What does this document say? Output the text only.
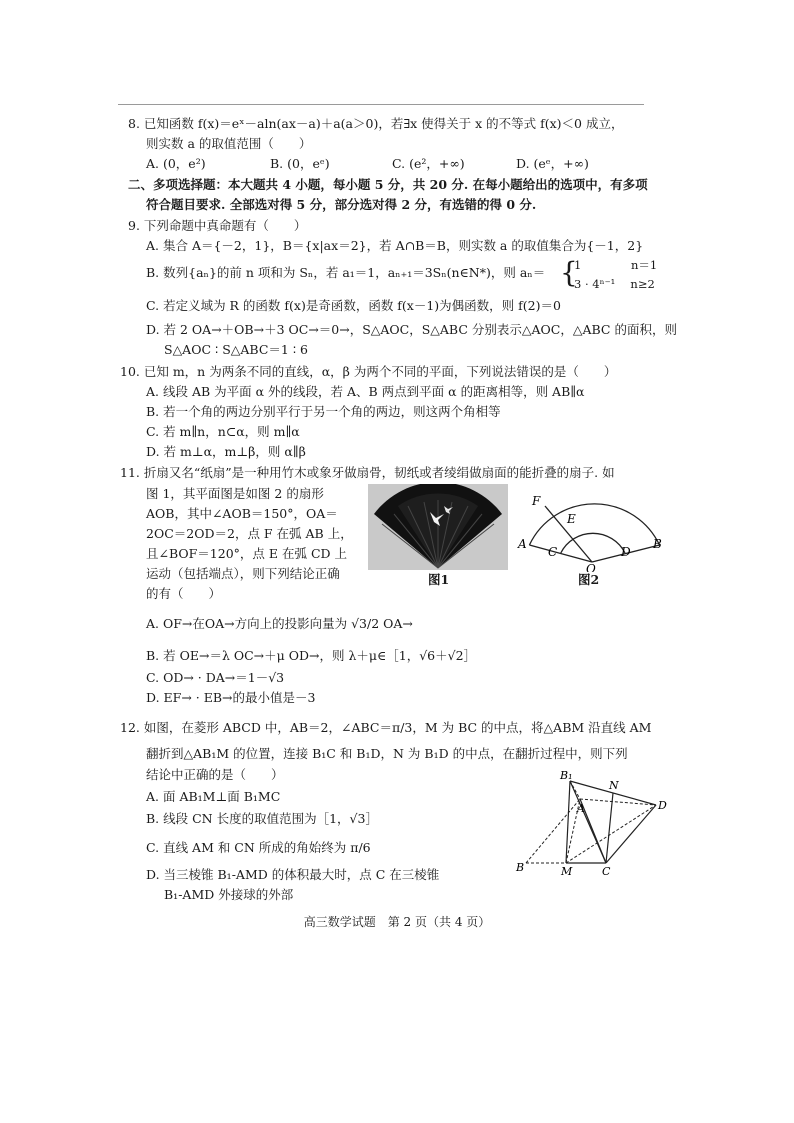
8. 已知函数 f(x)＝eˣ－aln(ax－a)＋a(a＞0)，若∃x 使得关于 x 的不等式 f(x)＜0 成立，
则实数 a 的取值范围（　　）
A. (0，e²)	B. (0，eᵉ)	C. (e²，+∞)	D. (eᵉ，+∞)
二、多项选择题：本大题共 4 小题，每小题 5 分，共 20 分. 在每小题给出的选项中，有多项
符合题目要求. 全部选对得 5 分，部分选对得 2 分，有选错的得 0 分.
9. 下列命题中真命题有（　　）
A. 集合 A＝{－2，1}，B＝{x|ax＝2}，若 A∩B＝B，则实数 a 的取值集合为{－1，2}
B. 数列{aₙ}的前 n 项和为 Sₙ，若 a₁＝1，aₙ₊₁＝3Sₙ(n∈N*)，则 aₙ＝ {
1　　　　 n＝1
3 · 4ⁿ⁻¹　 n≥2
C. 若定义域为 R 的函数 f(x)是奇函数，函数 f(x－1)为偶函数，则 f(2)＝0
D. 若 2 OA→＋OB→＋3 OC→＝0→，S△AOC，S△ABC 分别表示△AOC，△ABC 的面积，则
S△AOC ∶ S△ABC＝1 ∶ 6
10. 已知 m，n 为两条不同的直线，α，β 为两个不同的平面，下列说法错误的是（　　）
A. 线段 AB 为平面 α 外的线段，若 A、B 两点到平面 α 的距离相等，则 AB∥α
B. 若一个角的两边分别平行于另一个角的两边，则这两个角相等
C. 若 m∥n，n⊂α，则 m∥α
D. 若 m⊥α，m⊥β，则 α∥β
11. 折扇又名“纸扇”是一种用竹木或象牙做扇骨，韧纸或者绫绢做扇面的能折叠的扇子. 如
图 1，其平面图是如图 2 的扇形
AOB，其中∠AOB＝150°，OA＝
2OC＝2OD＝2，点 F 在弧 AB 上，
且∠BOF＝120°，点 E 在弧 CD 上
运动（包括端点），则下列结论正确
的有（　　）
图1
A
C
E
F
O
D
B
图2
A. OF→在OA→方向上的投影向量为 √3/2 OA→
B. 若 OE→＝λ OC→＋μ OD→，则 λ＋μ∈［1，√6＋√2］
C. OD→ · DA→＝1－√3
D. EF→ · EB→的最小值是－3
12. 如图，在菱形 ABCD 中，AB＝2，∠ABC＝π/3，M 为 BC 的中点，将△ABM 沿直线 AM
翻折到△AB₁M 的位置，连接 B₁C 和 B₁D，N 为 B₁D 的中点，在翻折过程中，则下列
结论中正确的是（　　）
A. 面 AB₁M⊥面 B₁MC
B. 线段 CN 长度的取值范围为［1，√3］
C. 直线 AM 和 CN 所成的角始终为 π/6
D. 当三棱锥 B₁-AMD 的体积最大时，点 C 在三棱锥
B₁-AMD 外接球的外部
B₁
N
A	D
B	M	C
高三数学试题　第 2 页（共 4 页）
